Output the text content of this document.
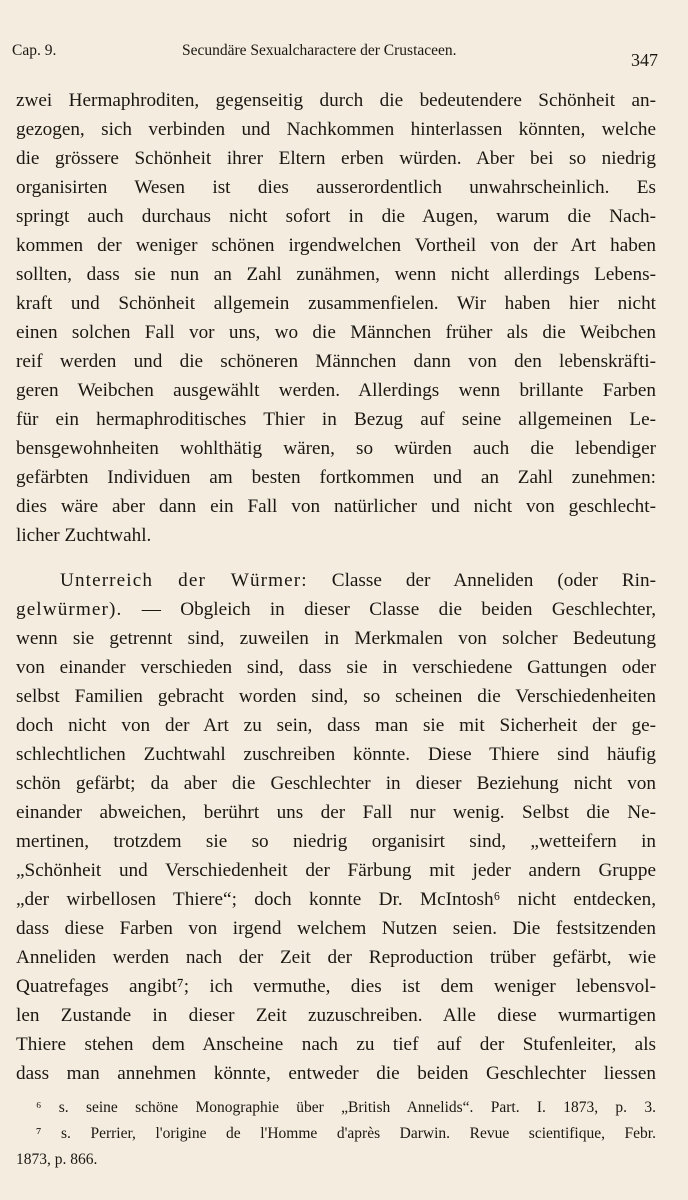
Cap. 9.	Secundäre Sexualcharactere der Crustaceen.	347
zwei Hermaphroditen, gegenseitig durch die bedeutendere Schönheit an-
gezogen, sich verbinden und Nachkommen hinterlassen könnten, welche
die grössere Schönheit ihrer Eltern erben würden. Aber bei so niedrig
organisirten Wesen ist dies ausserordentlich unwahrscheinlich. Es
springt auch durchaus nicht sofort in die Augen, warum die Nach-
kommen der weniger schönen irgendwelchen Vortheil von der Art haben
sollten, dass sie nun an Zahl zunähmen, wenn nicht allerdings Lebens-
kraft und Schönheit allgemein zusammenfielen. Wir haben hier nicht
einen solchen Fall vor uns, wo die Männchen früher als die Weibchen
reif werden und die schöneren Männchen dann von den lebenskräfti-
geren Weibchen ausgewählt werden. Allerdings wenn brillante Farben
für ein hermaphroditisches Thier in Bezug auf seine allgemeinen Le-
bensgewohnheiten wohlthätig wären, so würden auch die lebendiger
gefärbten Individuen am besten fortkommen und an Zahl zunehmen:
dies wäre aber dann ein Fall von natürlicher und nicht von geschlecht-
licher Zuchtwahl.
Unterreich der Würmer: Classe der Anneliden (oder Rin-
gelwürmer). — Obgleich in dieser Classe die beiden Geschlechter,
wenn sie getrennt sind, zuweilen in Merkmalen von solcher Bedeutung
von einander verschieden sind, dass sie in verschiedene Gattungen oder
selbst Familien gebracht worden sind, so scheinen die Verschiedenheiten
doch nicht von der Art zu sein, dass man sie mit Sicherheit der ge-
schlechtlichen Zuchtwahl zuschreiben könnte. Diese Thiere sind häufig
schön gefärbt; da aber die Geschlechter in dieser Beziehung nicht von
einander abweichen, berührt uns der Fall nur wenig. Selbst die Ne-
mertinen, trotzdem sie so niedrig organisirt sind, „wetteifern in
„Schönheit und Verschiedenheit der Färbung mit jeder andern Gruppe
„der wirbellosen Thiere“; doch konnte Dr. McIntosh⁶ nicht entdecken,
dass diese Farben von irgend welchem Nutzen seien. Die festsitzenden
Anneliden werden nach der Zeit der Reproduction trüber gefärbt, wie
Quatrefages angibt⁷; ich vermuthe, dies ist dem weniger lebensvol-
len Zustande in dieser Zeit zuzuschreiben. Alle diese wurmartigen
Thiere stehen dem Anscheine nach zu tief auf der Stufenleiter, als
dass man annehmen könnte, entweder die beiden Geschlechter liessen
⁶ s. seine schöne Monographie über „British Annelids“. Part. I. 1873, p. 3.
⁷ s. Perrier, l'origine de l'Homme d'après Darwin. Revue scientifique, Febr.
1873, p. 866.
